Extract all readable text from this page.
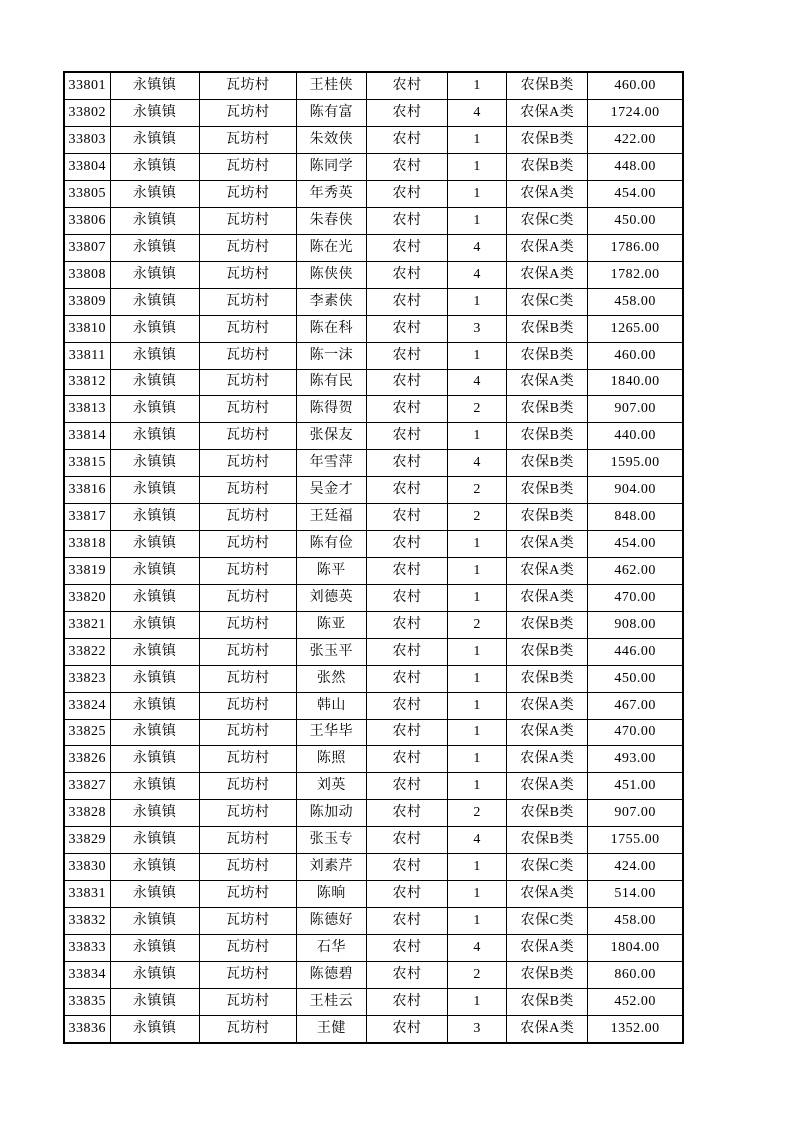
33801	永镇镇	瓦坊村	王桂侠	农村	1	农保B类	460.00
33802	永镇镇	瓦坊村	陈有富	农村	4	农保A类	1724.00
33803	永镇镇	瓦坊村	朱效侠	农村	1	农保B类	422.00
33804	永镇镇	瓦坊村	陈同学	农村	1	农保B类	448.00
33805	永镇镇	瓦坊村	年秀英	农村	1	农保A类	454.00
33806	永镇镇	瓦坊村	朱春侠	农村	1	农保C类	450.00
33807	永镇镇	瓦坊村	陈在光	农村	4	农保A类	1786.00
33808	永镇镇	瓦坊村	陈侠侠	农村	4	农保A类	1782.00
33809	永镇镇	瓦坊村	李素侠	农村	1	农保C类	458.00
33810	永镇镇	瓦坊村	陈在科	农村	3	农保B类	1265.00
33811	永镇镇	瓦坊村	陈一沫	农村	1	农保B类	460.00
33812	永镇镇	瓦坊村	陈有民	农村	4	农保A类	1840.00
33813	永镇镇	瓦坊村	陈得贺	农村	2	农保B类	907.00
33814	永镇镇	瓦坊村	张保友	农村	1	农保B类	440.00
33815	永镇镇	瓦坊村	年雪萍	农村	4	农保B类	1595.00
33816	永镇镇	瓦坊村	吴金才	农村	2	农保B类	904.00
33817	永镇镇	瓦坊村	王廷福	农村	2	农保B类	848.00
33818	永镇镇	瓦坊村	陈有俭	农村	1	农保A类	454.00
33819	永镇镇	瓦坊村	陈平	农村	1	农保A类	462.00
33820	永镇镇	瓦坊村	刘德英	农村	1	农保A类	470.00
33821	永镇镇	瓦坊村	陈亚	农村	2	农保B类	908.00
33822	永镇镇	瓦坊村	张玉平	农村	1	农保B类	446.00
33823	永镇镇	瓦坊村	张然	农村	1	农保B类	450.00
33824	永镇镇	瓦坊村	韩山	农村	1	农保A类	467.00
33825	永镇镇	瓦坊村	王华毕	农村	1	农保A类	470.00
33826	永镇镇	瓦坊村	陈照	农村	1	农保A类	493.00
33827	永镇镇	瓦坊村	刘英	农村	1	农保A类	451.00
33828	永镇镇	瓦坊村	陈加动	农村	2	农保B类	907.00
33829	永镇镇	瓦坊村	张玉专	农村	4	农保B类	1755.00
33830	永镇镇	瓦坊村	刘素芹	农村	1	农保C类	424.00
33831	永镇镇	瓦坊村	陈晌	农村	1	农保A类	514.00
33832	永镇镇	瓦坊村	陈德好	农村	1	农保C类	458.00
33833	永镇镇	瓦坊村	石华	农村	4	农保A类	1804.00
33834	永镇镇	瓦坊村	陈德碧	农村	2	农保B类	860.00
33835	永镇镇	瓦坊村	王桂云	农村	1	农保B类	452.00
33836	永镇镇	瓦坊村	王健	农村	3	农保A类	1352.00
